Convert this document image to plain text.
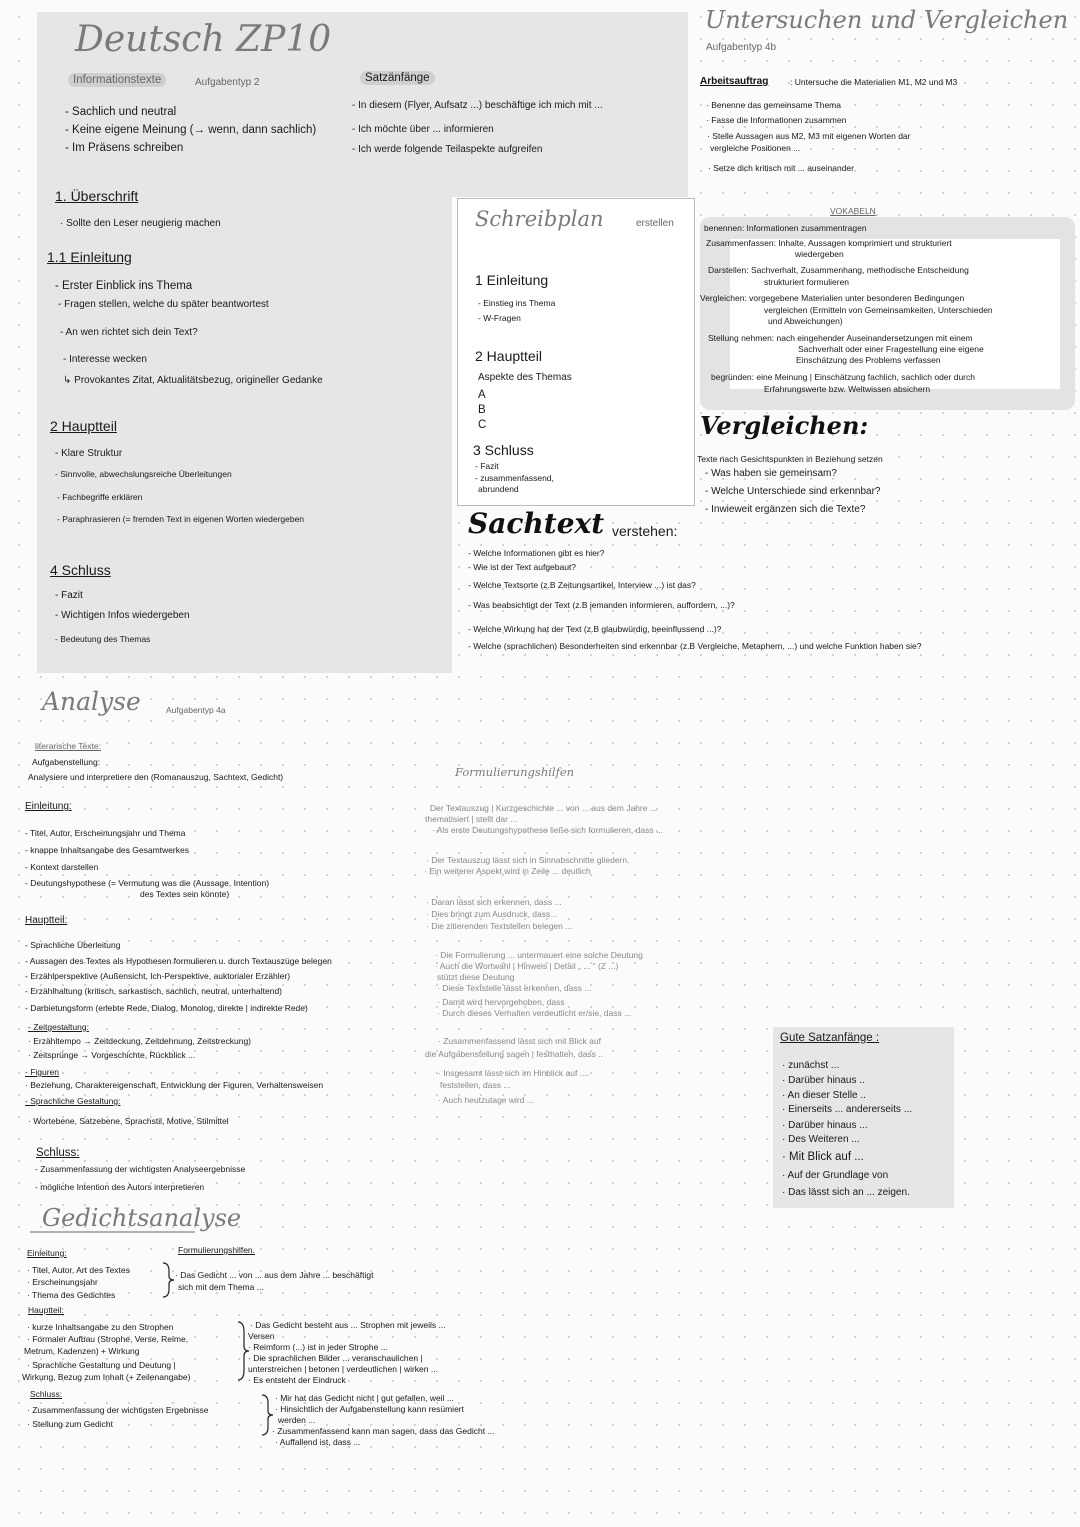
Deutsch ZP10
Informationstexte	Aufgabentyp 2
- Sachlich und neutral
- Keine eigene Meinung (→ wenn, dann sachlich)
- Im Präsens schreiben
Satzänfänge
- In diesem (Flyer, Aufsatz ...) beschäftige ich mich mit ...
- Ich möchte über ... informieren
- Ich werde folgende Teilaspekte aufgreifen
1. Überschrift
· Sollte den Leser neugierig machen
1.1 Einleitung
- Erster Einblick ins Thema
- Fragen stellen, welche du später beantwortest
- An wen richtet sich dein Text?
- Interesse wecken
↳ Provokantes Zitat, Aktualitätsbezug, origineller Gedanke
2 Hauptteil
- Klare Struktur
- Sinnvolle, abwechslungsreiche Überleitungen
- Fachbegriffe erklären
- Paraphrasieren (= fremden Text in eigenen Worten wiedergeben
4 Schluss
- Fazit
- Wichtigen Infos wiedergeben
- Bedeutung des Themas
Schreibplan	erstellen
1 Einleitung
- Einstieg ins Thema
- W-Fragen
2 Hauptteil
Aspekte des Themas
A
B
C
3 Schluss
- Fazit
- zusammenfassend,
abrundend
Untersuchen und Vergleichen
Aufgabentyp 4b
Arbeitsauftrag	: Untersuche die Materialien M1, M2 und M3
· Benenne das gemeinsame Thema
· Fasse die Informationen zusammen
· Stelle Aussagen aus M2, M3 mit eigenen Worten dar
vergleiche Positionen ...
· Setze dich kritisch mit ... auseinander
VOKABELN
benennen: Informationen zusammentragen
Zusammenfassen: Inhalte, Aussagen komprimiert und strukturiert
wiedergeben
Darstellen: Sachverhalt, Zusammenhang, methodische Entscheidung
strukturiert formulieren
Vergleichen: vorgegebene Materialien unter besonderen Bedingungen
vergleichen (Ermitteln von Gemeinsamkeiten, Unterschieden
und Abweichungen)
Stellung nehmen: nach eingehender Auseinandersetzungen mit einem
Sachverhalt oder einer Fragestellung eine eigene
Einschätzung des Problems verfassen
begründen: eine Meinung | Einschätzung fachlich, sachlich oder durch
Erfahrungswerte bzw. Weltwissen absichern
Vergleichen:
Texte nach Gesichtspunkten in Beziehung setzen
- Was haben sie gemeinsam?
- Welche Unterschiede sind erkennbar?
- Inwieweit ergänzen sich die Texte?
Sachtext verstehen:
- Welche Informationen gibt es hier?
- Wie ist der Text aufgebaut?
- Welche Textsorte (z.B Zeitungsartikel, Interview ...) ist das?
- Was beabsichtigt der Text (z.B jemanden informieren, auffordern, ...)?
- Welche Wirkung hat der Text (z.B glaubwürdig, beeinflussend ...)?
- Welche (sprachlichen) Besonderheiten sind erkennbar (z.B Vergleiche, Metaphern, ...) und welche Funktion haben sie?
Analyse	Aufgabentyp 4a
literarische Texte:
Aufgabenstellung:
Analysiere und interpretiere den (Romanauszug, Sachtext, Gedicht)
Einleitung:
- Titel, Autor, Erscheinungsjahr und Thema
- knappe Inhaltsangabe des Gesamtwerkes
- Kontext darstellen
- Deutungshypothese (= Vermutung was die (Aussage, Intention)
des Textes sein könnte)
Hauptteil:
- Sprachliche Überleitung
- Aussagen des Textes als Hypothesen formulieren u. durch Textauszüge belegen
- Erzählperspektive (Außensicht, Ich-Perspektive, auktorialer Erzähler)
- Erzählhaltung (kritisch, sarkastisch, sachlich, neutral, unterhaltend)
- Darbietungsform (erlebte Rede, Dialog, Monolog, direkte | indirekte Rede)
- Zeitgestaltung:
· Erzähltempo → Zeitdeckung, Zeitdehnung, Zeitstreckung)
· Zeitsprünge → Vorgeschichte, Rückblick ...
- Figuren
· Beziehung, Charaktereigenschaft, Entwicklung der Figuren, Verhaltensweisen
- Sprachliche Gestaltung:
· Wortebene, Satzebene, Sprachstil, Motive, Stilmittel
Schluss:
- Zusammenfassung der wichtigsten Analyseergebnisse
- mögliche Intention des Autors interpretieren
Formulierungshilfen
Der Textauszug | Kurzgeschichte ... von ... aus dem Jahre ...
thematisiert | stellt dar ...
· Als erste Deutungshypothese ließe sich formulieren, dass ...
· Der Textauszug lässt sich in Sinnabschnitte gliedern.
· Ein weiterer Aspekt wird in Zeile ... deutlich
· Daran lässt sich erkennen, dass ...
· Dies bringt zum Ausdruck, dass ..
· Die zitierenden Textstellen belegen ...
· Die Formulierung ... untermauert eine solche Deutung
· Auch die Wortwahl | Hinweis | Detail „ ... “ (Z ...)
stützt diese Deutung
· Diese Textstelle lässt erkennen, dass ...
· Damit wird hervorgehoben, dass
· Durch dieses Verhalten verdeutlicht er/sie, dass ...
· Zusammenfassend lässt sich mit Blick auf
die Aufgabenstellung sagen | festhalten, dass ..
· Insgesamt lässt sich im Hinblick auf ....
feststellen, dass ...
· Auch heutzutage wird ...
Gute Satzanfänge :
· zunächst ...
· Darüber hinaus ..
· An dieser Stelle ..
· Einerseits ... andererseits ...
· Darüber hinaus ...
· Des Weiteren ...
· Mit Blick auf ...
· Auf der Grundlage von
· Das lässt sich an ... zeigen.
Gedichtsanalyse
Einleitung:	Formulierungshilfen.
· Titel, Autor, Art des Textes
· Erscheinungsjahr
· Thema des Gedichtes
· Das Gedicht ... von ... aus dem Jahre ... beschäftigt
sich mit dem Thema ...
Hauptteil:
· kurze Inhaltsangabe zu den Strophen
· Formaler Aufbau (Strophe, Verse, Reime,
Metrum, Kadenzen) + Wirkung
· Sprachliche Gestaltung und Deutung |
Wirkung, Bezug zum Inhalt (+ Zeilenangabe)
· Das Gedicht besteht aus ... Strophen mit jeweils ...
Versen
· Reimform (...) ist in jeder Strophe ...
· Die sprachlichen Bilder ... veranschaulichen |
unterstreichen | betonen | verdeutlichen | wirken ...
· Es entsteht der Eindruck
Schluss:
· Zusammenfassung der wichtigsten Ergebnisse
· Stellung zum Gedicht
· Mir hat das Gedicht nicht | gut gefallen, weil ...
· Hinsichtlich der Aufgabenstellung kann resümiert
werden ...
· Zusammenfassend kann man sagen, dass das Gedicht ...
· Auffallend ist, dass ...
